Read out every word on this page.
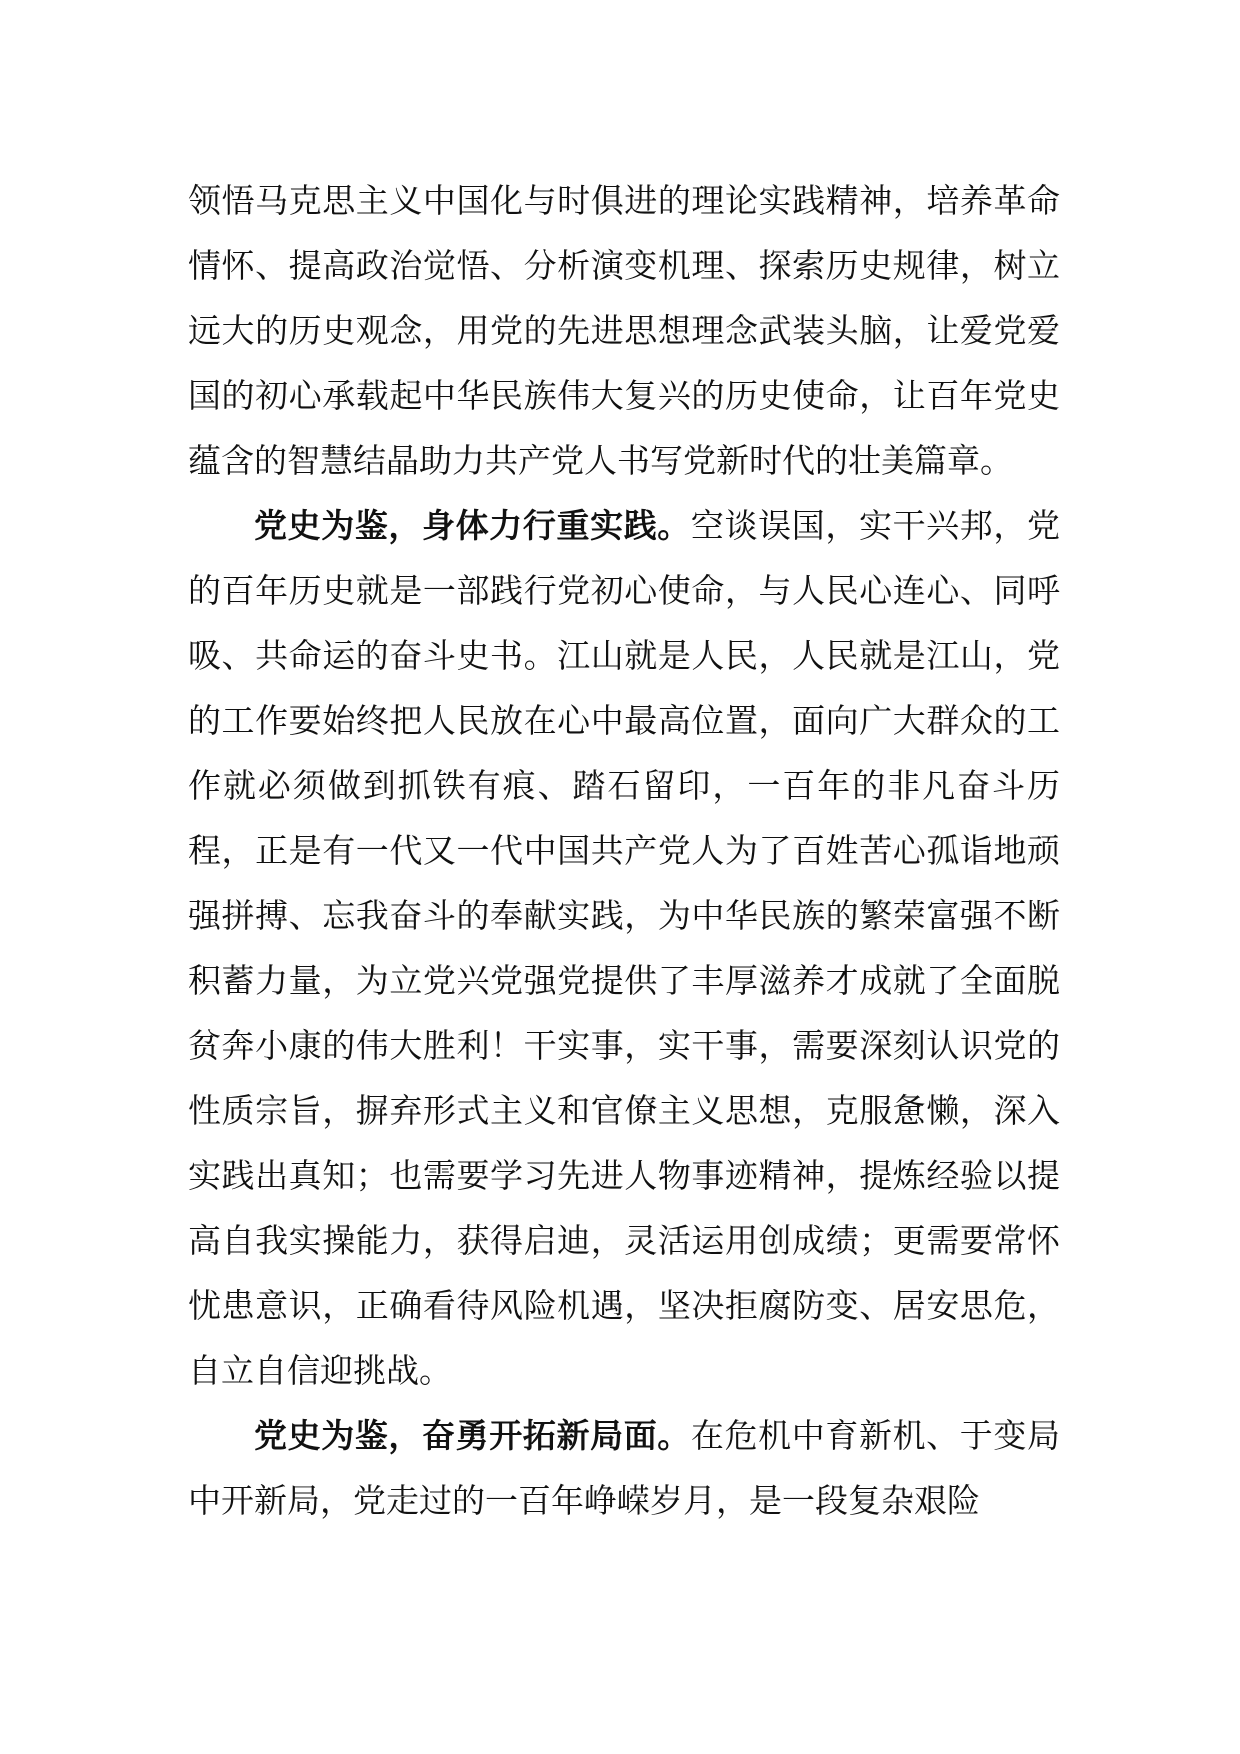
领悟马克思主义中国化与时俱进的理论实践精神，培养革命情怀、提高政治觉悟、分析演变机理、探索历史规律，树立远大的历史观念，用党的先进思想理念武装头脑，让爱党爱国的初心承载起中华民族伟大复兴的历史使命，让百年党史蕴含的智慧结晶助力共产党人书写党新时代的壮美篇章。

党史为鉴，身体力行重实践。空谈误国，实干兴邦，党的百年历史就是一部践行党初心使命，与人民心连心、同呼吸、共命运的奋斗史书。江山就是人民，人民就是江山，党的工作要始终把人民放在心中最高位置，面向广大群众的工作就必须做到抓铁有痕、踏石留印，一百年的非凡奋斗历程，正是有一代又一代中国共产党人为了百姓苦心孤诣地顽强拼搏、忘我奋斗的奉献实践，为中华民族的繁荣富强不断积蓄力量，为立党兴党强党提供了丰厚滋养才成就了全面脱贫奔小康的伟大胜利！干实事，实干事，需要深刻认识党的性质宗旨，摒弃形式主义和官僚主义思想，克服惫懒，深入实践出真知；也需要学习先进人物事迹精神，提炼经验以提高自我实操能力，获得启迪，灵活运用创成绩；更需要常怀忧患意识，正确看待风险机遇，坚决拒腐防变、居安思危，自立自信迎挑战。

党史为鉴，奋勇开拓新局面。在危机中育新机、于变局中开新局，党走过的一百年峥嵘岁月，是一段复杂艰险
